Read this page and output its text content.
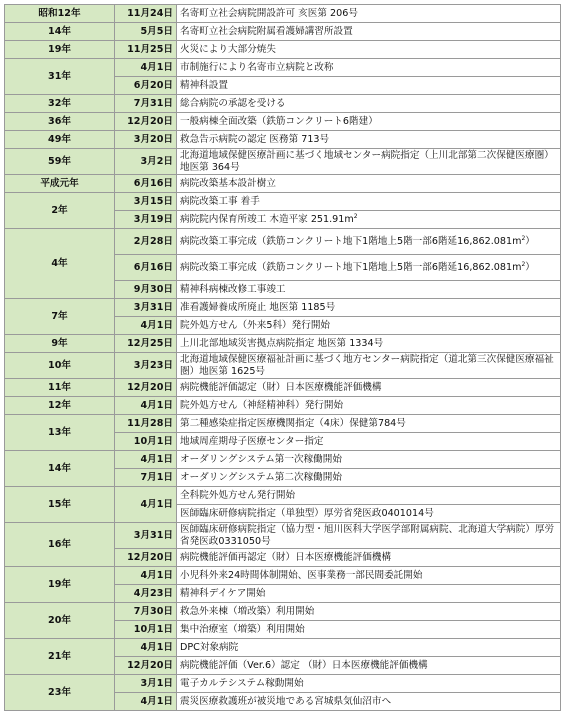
昭和12年	11月24日	名寄町立社会病院開設許可 亥医第 206号
14年	5月5日	名寄町立社会病院附属看護婦講習所設置
19年	11月25日	火災により大部分焼失
31年	4月1日	市制施行により名寄市立病院と改称
	6月20日	精神科設置
32年	7月31日	総合病院の承認を受ける
36年	12月20日	一般病棟全面改築（鉄筋コンクリート6階建）
49年	3月20日	救急告示病院の認定 医務第 713号
59年	3月2日	北海道地域保健医療計画に基づく地域センター病院指定（上川北部第二次保健医療圏）地医第 364号
平成元年	6月16日	病院改築基本設計樹立
2年	3月15日	病院改築工事 着手
	3月19日	病院院内保育所竣工 木造平家 $251.91m^2$
4年	2月28日	病院改築工事完成（鉄筋コンクリート地下1階地上5階一部6階延$16,862.081m^2$）
	6月16日	病院改築工事完成（鉄筋コンクリート地下1階地上5階一部6階延$16,862.081m^2$）
	9月30日	精神科病棟改修工事竣工
7年	3月31日	准看護婦養成所廃止 地医第 1185号
	4月1日	院外処方せん（外来5科）発行開始
9年	12月25日	上川北部地域災害拠点病院指定 地医第 1334号
10年	3月23日	北海道地域保健医療福祉計画に基づく地方センター病院指定（道北第三次保健医療福祉圏）地医第 1625号
11年	12月20日	病院機能評価認定（財）日本医療機能評価機構
12年	4月1日	院外処方せん（神経精神科）発行開始
13年	11月28日	第二種感染症指定医療機関指定（4床）保健第784号
	10月1日	地域周産期母子医療センター指定
14年	4月1日	オーダリングシステム第一次稼働開始
	7月1日	オーダリングシステム第二次稼働開始
15年	4月1日	全科院外処方せん発行開始
		医師臨床研修病院指定（単独型）厚労省発医政0401014号
16年	3月31日	医師臨床研修病院指定（協力型・旭川医科大学医学部附属病院、北海道大学病院）厚労省発医政0331050号
	12月20日	病院機能評価再認定（財）日本医療機能評価機構
19年	4月1日	小児科外来24時間体制開始、医事業務一部民間委託開始
	4月23日	精神科デイケア開始
20年	7月30日	救急外来棟（増改築）利用開始
	10月1日	集中治療室（増築）利用開始
21年	4月1日	DPC対象病院
	12月20日	病院機能評価（Ver.6）認定 （財）日本医療機能評価機構
23年	3月1日	電子カルテシステム稼動開始
	4月1日	震災医療救護班が被災地である宮城県気仙沼市へ
